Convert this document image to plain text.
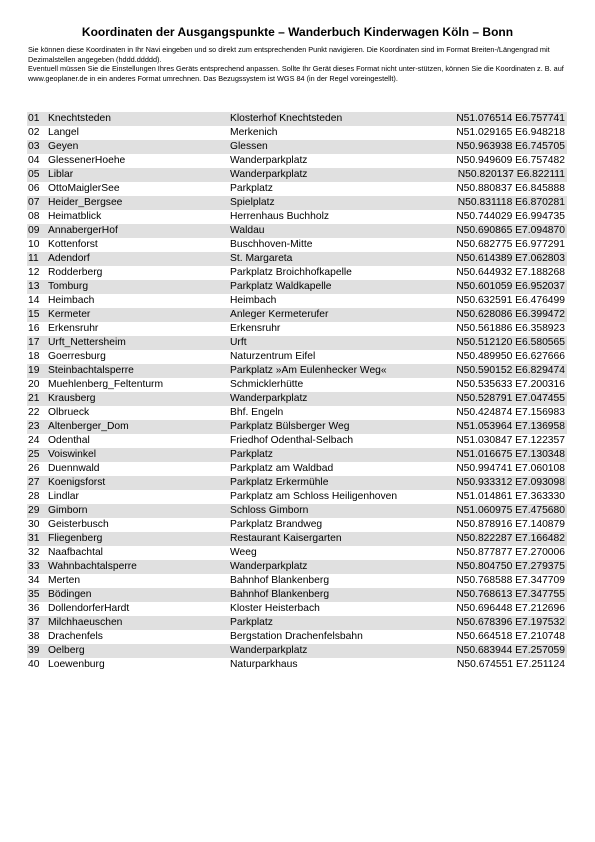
Koordinaten der Ausgangspunkte – Wanderbuch Kinderwagen Köln – Bonn

Sie können diese Koordinaten in Ihr Navi eingeben und so direkt zum entsprechenden Punkt navigieren. Die Koordinaten sind im Format Breiten-/Längengrad mit Dezimalstellen angegeben (hddd.ddddd).

Eventuell müssen Sie die Einstellungen Ihres Geräts entsprechend anpassen. Sollte Ihr Gerät dieses Format nicht unter-stützen, können Sie die Koordinaten z. B. auf www.geoplaner.de in ein anderes Format umrechnen. Das Bezugssystem ist WGS 84 (in der Regel voreingestellt).

01 Knechtsteden	Klosterhof Knechtsteden	N51.076514 E6.757741
02 Langel	Merkenich	N51.029165 E6.948218
03 Geyen	Glessen	N50.963938 E6.745705
04 GlessenerHoehe	Wanderparkplatz	N50.949609 E6.757482
05 Liblar	Wanderparkplatz	N50.820137 E6.822111
06 OttoMaiglerSee	Parkplatz	N50.880837 E6.845888
07 Heider_Bergsee	Spielplatz	N50.831118 E6.870281
08 Heimatblick	Herrenhaus Buchholz	N50.744029 E6.994735
09 AnnabergerHof	Waldau	N50.690865 E7.094870
10 Kottenforst	Buschhoven-Mitte	N50.682775 E6.977291
11 Adendorf	St. Margareta	N50.614389 E7.062803
12 Rodderberg	Parkplatz Broichhofkapelle	N50.644932 E7.188268
13 Tomburg	Parkplatz Waldkapelle	N50.601059 E6.952037
14 Heimbach	Heimbach	N50.632591 E6.476499
15 Kermeter	Anleger Kermeterufer	N50.628086 E6.399472
16 Erkensruhr	Erkensruhr	N50.561886 E6.358923
17 Urft_Nettersheim	Urft	N50.512120 E6.580565
18 Goerresburg	Naturzentrum Eifel	N50.489950 E6.627666
19 Steinbachtalsperre	Parkplatz »Am Eulenhecker Weg«	N50.590152 E6.829474
20 Muehlenberg_Feltenturm	Schmicklerhütte	N50.535633 E7.200316
21 Krausberg	Wanderparkplatz	N50.528791 E7.047455
22 Olbrueck	Bhf. Engeln	N50.424874 E7.156983
23 Altenberger_Dom	Parkplatz Bülsberger Weg	N51.053964 E7.136958
24 Odenthal	Friedhof Odenthal-Selbach	N51.030847 E7.122357
25 Voiswinkel	Parkplatz	N51.016675 E7.130348
26 Duennwald	Parkplatz am Waldbad	N50.994741 E7.060108
27 Koenigsforst	Parkplatz Erkermühle	N50.933312 E7.093098
28 Lindlar	Parkplatz am Schloss Heiligenhoven	N51.014861 E7.363330
29 Gimborn	Schloss Gimborn	N51.060975 E7.475680
30 Geisterbusch	Parkplatz Brandweg	N50.878916 E7.140879
31 Fliegenberg	Restaurant Kaisergarten	N50.822287 E7.166482
32 Naafbachtal	Weeg	N50.877877 E7.270006
33 Wahnbachtalsperre	Wanderparkplatz	N50.804750 E7.279375
34 Merten	Bahnhof Blankenberg	N50.768588 E7.347709
35 Bödingen	Bahnhof Blankenberg	N50.768613 E7.347755
36 DollendorferHardt	Kloster Heisterbach	N50.696448 E7.212696
37 Milchhaeuschen	Parkplatz	N50.678396 E7.197532
38 Drachenfels	Bergstation Drachenfelsbahn	N50.664518 E7.210748
39 Oelberg	Wanderparkplatz	N50.683944 E7.257059
40 Loewenburg	Naturparkhaus	N50.674551 E7.251124
